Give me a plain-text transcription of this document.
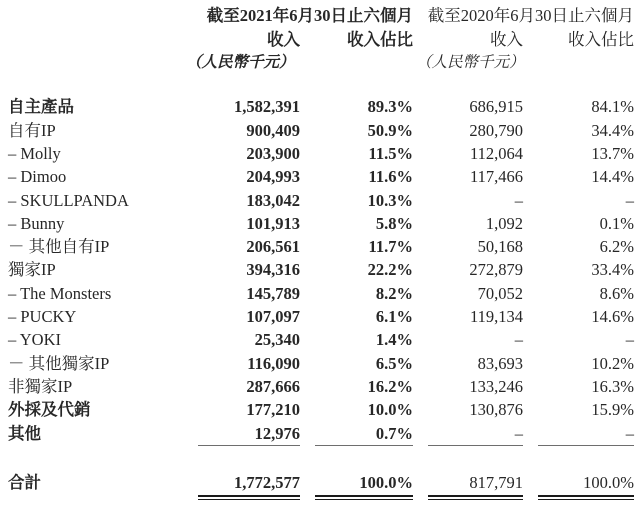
	截至2021年6月30日止六個月		截至2020年6月30日止六個月	
	收入	收入佔比	收入	收入佔比
	（人民幣千元）		（人民幣千元）	

自主產品	1,582,391	89.3%	686,915	84.1%
自有IP	900,409	50.9%	280,790	34.4%
– Molly	203,900	11.5%	112,064	13.7%
– Dimoo	204,993	11.6%	117,466	14.4%
– SKULLPANDA	183,042	10.3%	–	–
– Bunny	101,913	5.8%	1,092	0.1%
－ 其他自有IP	206,561	11.7%	50,168	6.2%
獨家IP	394,316	22.2%	272,879	33.4%
– The Monsters	145,789	8.2%	70,052	8.6%
– PUCKY	107,097	6.1%	119,134	14.6%
– YOKI	25,340	1.4%	–	–
－ 其他獨家IP	116,090	6.5%	83,693	10.2%
非獨家IP	287,666	16.2%	133,246	16.3%
外採及代銷	177,210	10.0%	130,876	15.9%
其他	12,976	0.7%	–	–

合計	1,772,577	100.0%	817,791	100.0%
